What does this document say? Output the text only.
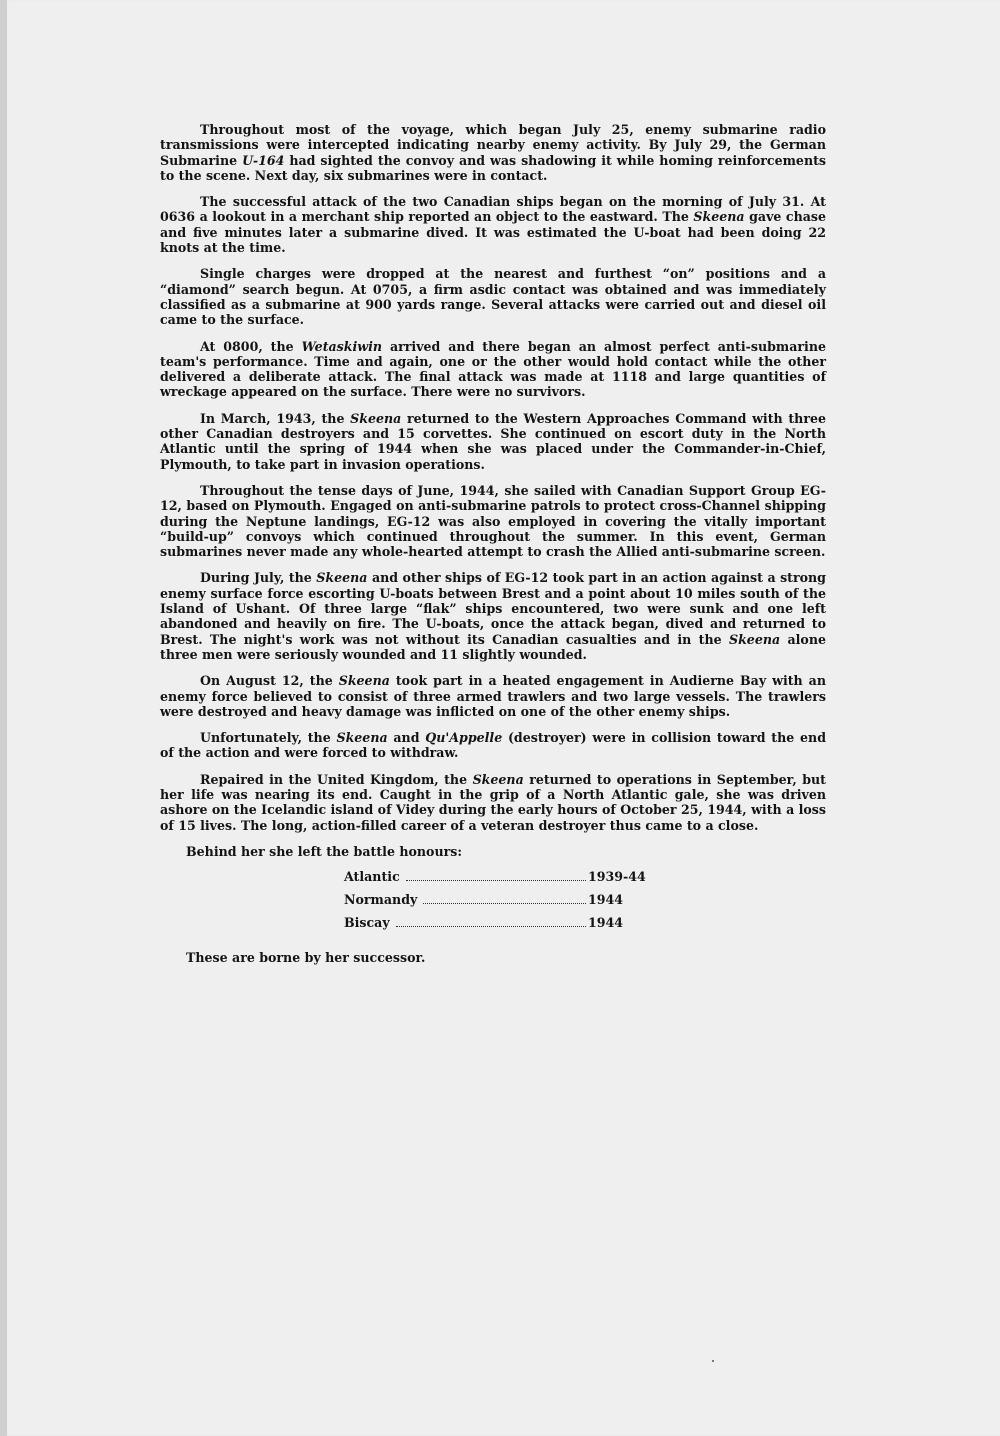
Throughout most of the voyage, which began July 25, enemy submarine radio transmissions were intercepted indicating nearby enemy activity. By July 29, the German Submarine U-164 had sighted the convoy and was shadowing it while homing reinforcements to the scene. Next day, six submarines were in contact.

The successful attack of the two Canadian ships began on the morning of July 31. At 0636 a lookout in a merchant ship reported an object to the eastward. The Skeena gave chase and five minutes later a submarine dived. It was estimated the U-boat had been doing 22 knots at the time.

Single charges were dropped at the nearest and furthest “on” positions and a “diamond” search begun. At 0705, a firm asdic contact was obtained and was immediately classified as a submarine at 900 yards range. Several attacks were carried out and diesel oil came to the surface.

At 0800, the Wetaskiwin arrived and there began an almost perfect anti-submarine team's performance. Time and again, one or the other would hold contact while the other delivered a deliberate attack. The final attack was made at 1118 and large quantities of wreckage appeared on the surface. There were no survivors.

In March, 1943, the Skeena returned to the Western Approaches Command with three other Canadian destroyers and 15 corvettes. She continued on escort duty in the North Atlantic until the spring of 1944 when she was placed under the Commander-in-Chief, Plymouth, to take part in invasion operations.

Throughout the tense days of June, 1944, she sailed with Canadian Support Group EG-12, based on Plymouth. Engaged on anti-submarine patrols to protect cross-Channel shipping during the Neptune landings, EG-12 was also employed in covering the vitally important “build-up” convoys which continued throughout the summer. In this event, German submarines never made any whole-hearted attempt to crash the Allied anti-submarine screen.

During July, the Skeena and other ships of EG-12 took part in an action against a strong enemy surface force escorting U-boats between Brest and a point about 10 miles south of the Island of Ushant. Of three large “flak” ships encountered, two were sunk and one left abandoned and heavily on fire. The U-boats, once the attack began, dived and returned to Brest. The night's work was not without its Canadian casualties and in the Skeena alone three men were seriously wounded and 11 slightly wounded.

On August 12, the Skeena took part in a heated engagement in Audierne Bay with an enemy force believed to consist of three armed trawlers and two large vessels. The trawlers were destroyed and heavy damage was inflicted on one of the other enemy ships.

Unfortunately, the Skeena and Qu'Appelle (destroyer) were in collision toward the end of the action and were forced to withdraw.

Repaired in the United Kingdom, the Skeena returned to operations in September, but her life was nearing its end. Caught in the grip of a North Atlantic gale, she was driven ashore on the Icelandic island of Videy during the early hours of October 25, 1944, with a loss of 15 lives. The long, action-filled career of a veteran destroyer thus came to a close.

Behind her she left the battle honours:
Atlantic	1939-44
Normandy	1944
Biscay	1944
These are borne by her successor.
